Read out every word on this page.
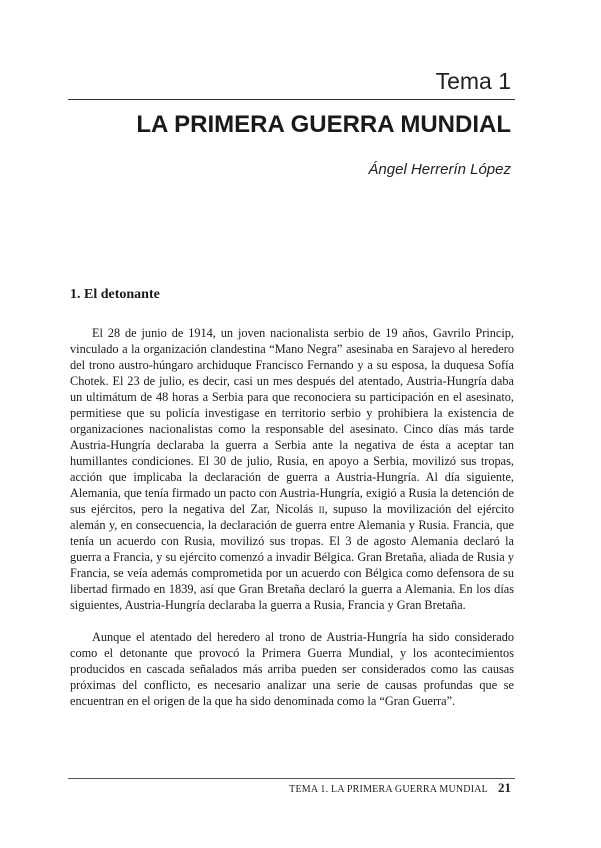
Tema 1
LA PRIMERA GUERRA MUNDIAL
Ángel Herrerín López
1. El detonante

El 28 de junio de 1914, un joven nacionalista serbio de 19 años, Gavrilo Princip, vinculado a la organización clandestina “Mano Negra” asesinaba en Sarajevo al heredero del trono austro-húngaro archiduque Francisco Fernando y a su esposa, la duquesa Sofía Chotek. El 23 de julio, es decir, casi un mes después del atentado, Austria-Hungría daba un ultimátum de 48 horas a Serbia para que reconociera su participación en el asesinato, permitiese que su policía investigase en territorio serbio y prohibiera la existencia de organizaciones nacionalistas como la responsable del asesinato. Cinco días más tarde Austria-Hungría declaraba la guerra a Serbia ante la negativa de ésta a aceptar tan humillantes condiciones. El 30 de julio, Rusia, en apoyo a Serbia, movilizó sus tropas, acción que implicaba la declaración de guerra a Austria-Hungría. Al día siguiente, Alemania, que tenía firmado un pacto con Austria-Hungría, exigió a Rusia la detención de sus ejércitos, pero la negativa del Zar, Nicolás ii, supuso la movilización del ejército alemán y, en consecuencia, la declaración de guerra entre Alemania y Rusia. Francia, que tenía un acuerdo con Rusia, movilizó sus tropas. El 3 de agosto Alemania declaró la guerra a Francia, y su ejército comenzó a invadir Bélgica. Gran Bretaña, aliada de Rusia y Francia, se veía además comprometida por un acuerdo con Bélgica como defensora de su libertad firmado en 1839, así que Gran Bretaña declaró la guerra a Alemania. En los días siguientes, Austria-Hungría declaraba la guerra a Rusia, Francia y Gran Bretaña.

Aunque el atentado del heredero al trono de Austria-Hungría ha sido considerado como el detonante que provocó la Primera Guerra Mundial, y los acontecimientos producidos en cascada señalados más arriba pueden ser considerados como las causas próximas del conflicto, es necesario analizar una serie de causas profundas que se encuentran en el origen de la que ha sido denominada como la “Gran Guerra”.

TEMA 1. LA PRIMERA GUERRA MUNDIAL 21
